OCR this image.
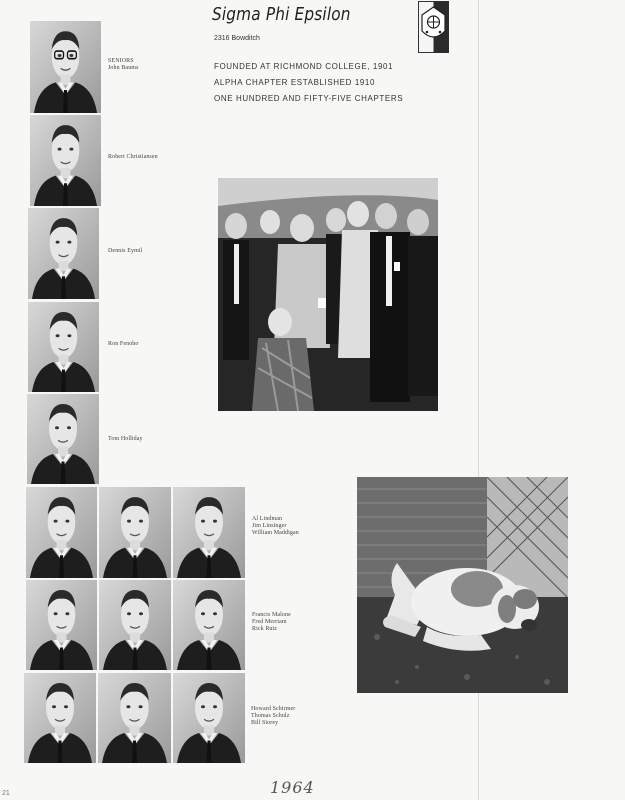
SENIORS
John Baums
Robert Christiansen
Dennis Eymil
Ron Fenoho
Tom Holliday
Al Lindman
Jim Linsinger
William Maddigan
Francis Malone
Fred Merriam
Rick Rutz
Howard Schirmer
Thomas Schulz
Bill Storey
Sigma Phi Epsilon
2316 Bowditch
FOUNDED AT RICHMOND COLLEGE, 1901
ALPHA CHAPTER ESTABLISHED 1910
ONE HUNDRED AND FIFTY-FIVE CHAPTERS
1964
21
